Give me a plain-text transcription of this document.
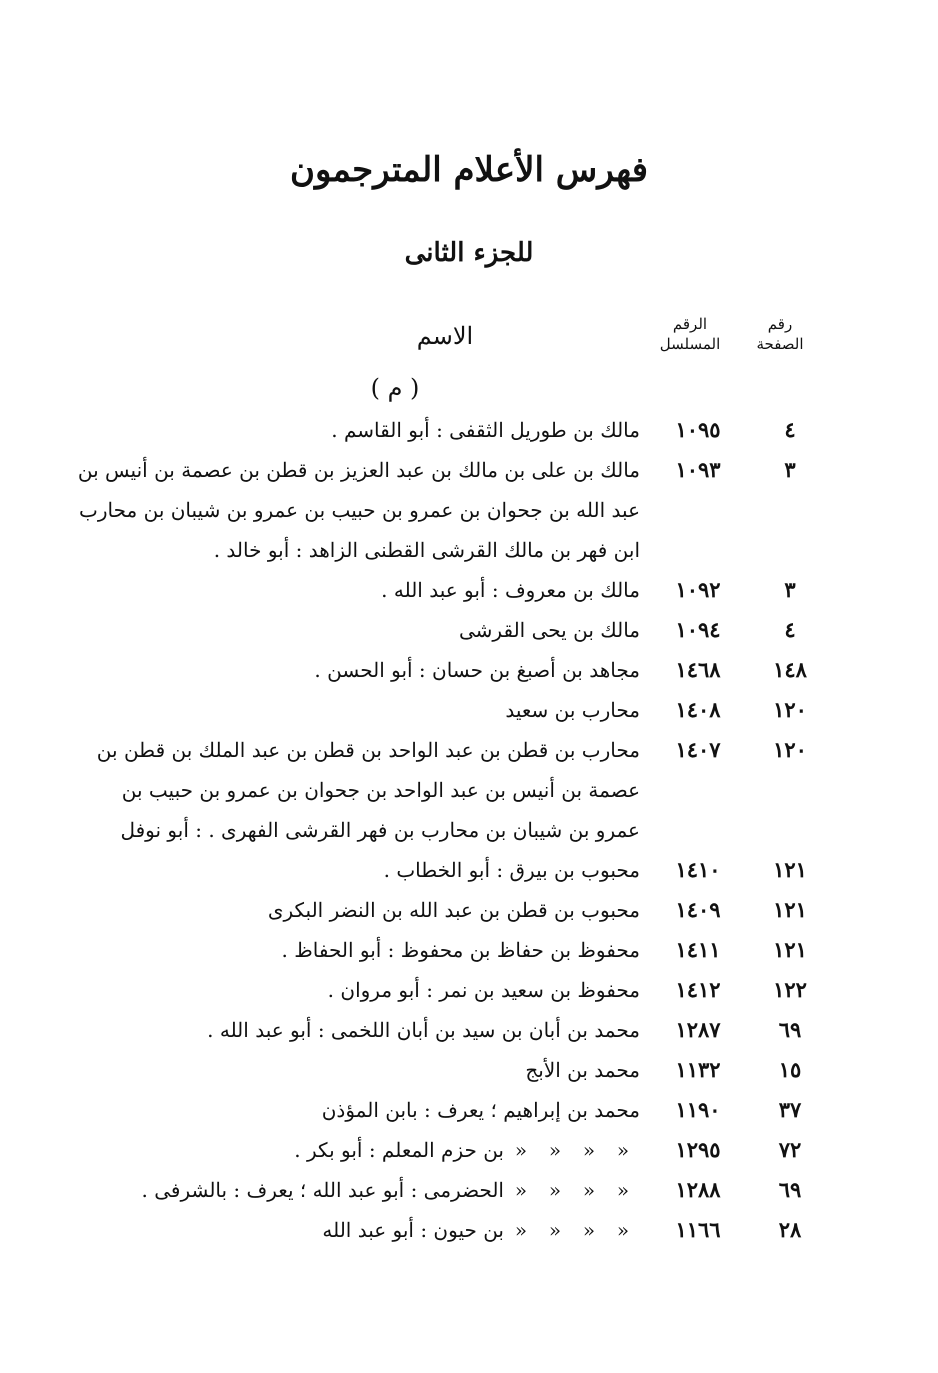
فهرس الأعلام المترجمون
للجزء الثانى
رقم
الصفحة
الرقم
المسلسل
الاسم
( م )
٤
١٠٩٥
مالك بن طوريل الثقفى : أبو القاسم .
٣
١٠٩٣
مالك بن على بن مالك بن عبد العزيز بن قطن بن عصمة بن أنيس بن
عبد الله بن جحوان بن عمرو بن حبيب بن عمرو بن شيبان بن محارب
ابن فهر بن مالك القرشى القطنى الزاهد : أبو خالد .
٣
١٠٩٢
مالك بن معروف : أبو عبد الله .
٤
١٠٩٤
مالك بن يحى القرشى
١٤٨
١٤٦٨
مجاهد بن أصبغ بن حسان : أبو الحسن .
١٢٠
١٤٠٨
محارب بن سعيد
١٢٠
١٤٠٧
محارب بن قطن بن عبد الواحد بن قطن بن عبد الملك بن قطن بن
عصمة بن أنيس بن عبد الواحد بن جحوان بن عمرو بن حبيب بن
عمرو بن شيبان بن محارب بن فهر القرشى الفهرى . : أبو نوفل
١٢١
١٤١٠
محبوب بن بيرق : أبو الخطاب .
١٢١
١٤٠٩
محبوب بن قطن بن عبد الله بن النضر البكرى
١٢١
١٤١١
محفوظ بن حفاظ بن محفوظ : أبو الحفاظ .
١٢٢
١٤١٢
محفوظ بن سعيد بن نمر : أبو مروان .
٦٩
١٢٨٧
محمد بن أبان بن سيد بن أبان اللخمى : أبو عبد الله .
١٥
١١٣٢
محمد بن الأبج
٣٧
١١٩٠
محمد بن إبراهيم ؛ يعرف : بابن المؤذن
٧٢
١٢٩٥
««««بن حزم المعلم : أبو بكر .
٦٩
١٢٨٨
««««الحضرمى : أبو عبد الله ؛ يعرف : بالشرفى .
٢٨
١١٦٦
««««بن حيون : أبو عبد الله
